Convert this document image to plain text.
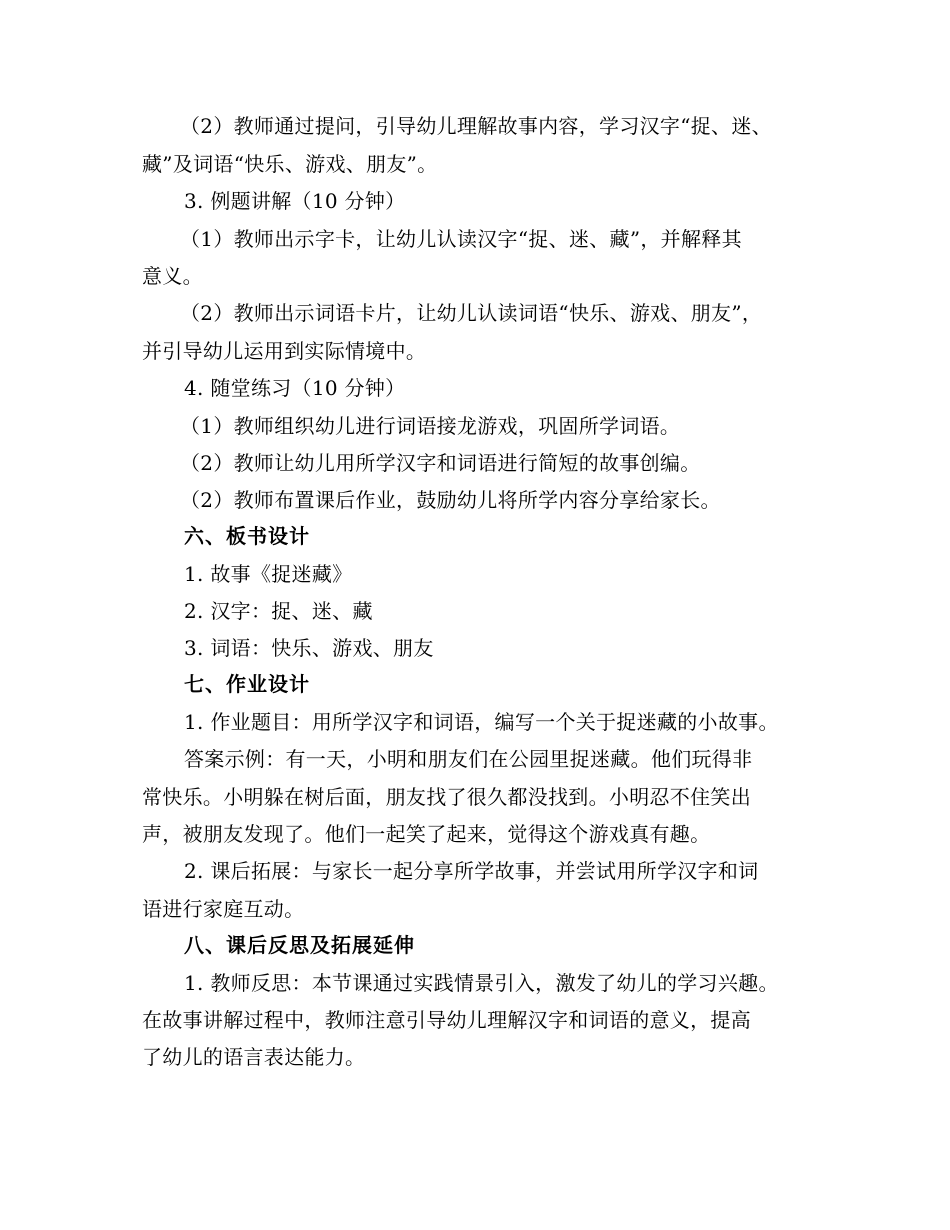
（2）教师通过提问，引导幼儿理解故事内容，学习汉字“捉、迷、
藏”及词语“快乐、游戏、朋友”。
3. 例题讲解（10 分钟）
（1）教师出示字卡，让幼儿认读汉字“捉、迷、藏”，并解释其
意义。
（2）教师出示词语卡片，让幼儿认读词语“快乐、游戏、朋友”，
并引导幼儿运用到实际情境中。
4. 随堂练习（10 分钟）
（1）教师组织幼儿进行词语接龙游戏，巩固所学词语。
（2）教师让幼儿用所学汉字和词语进行简短的故事创编。
（2）教师布置课后作业，鼓励幼儿将所学内容分享给家长。
六、板书设计
1. 故事《捉迷藏》
2. 汉字：捉、迷、藏
3. 词语：快乐、游戏、朋友
七、作业设计
1. 作业题目：用所学汉字和词语，编写一个关于捉迷藏的小故事。
答案示例：有一天，小明和朋友们在公园里捉迷藏。他们玩得非
常快乐。小明躲在树后面，朋友找了很久都没找到。小明忍不住笑出
声，被朋友发现了。他们一起笑了起来，觉得这个游戏真有趣。
2. 课后拓展：与家长一起分享所学故事，并尝试用所学汉字和词
语进行家庭互动。
八、课后反思及拓展延伸
1. 教师反思：本节课通过实践情景引入，激发了幼儿的学习兴趣。
在故事讲解过程中，教师注意引导幼儿理解汉字和词语的意义，提高
了幼儿的语言表达能力。
